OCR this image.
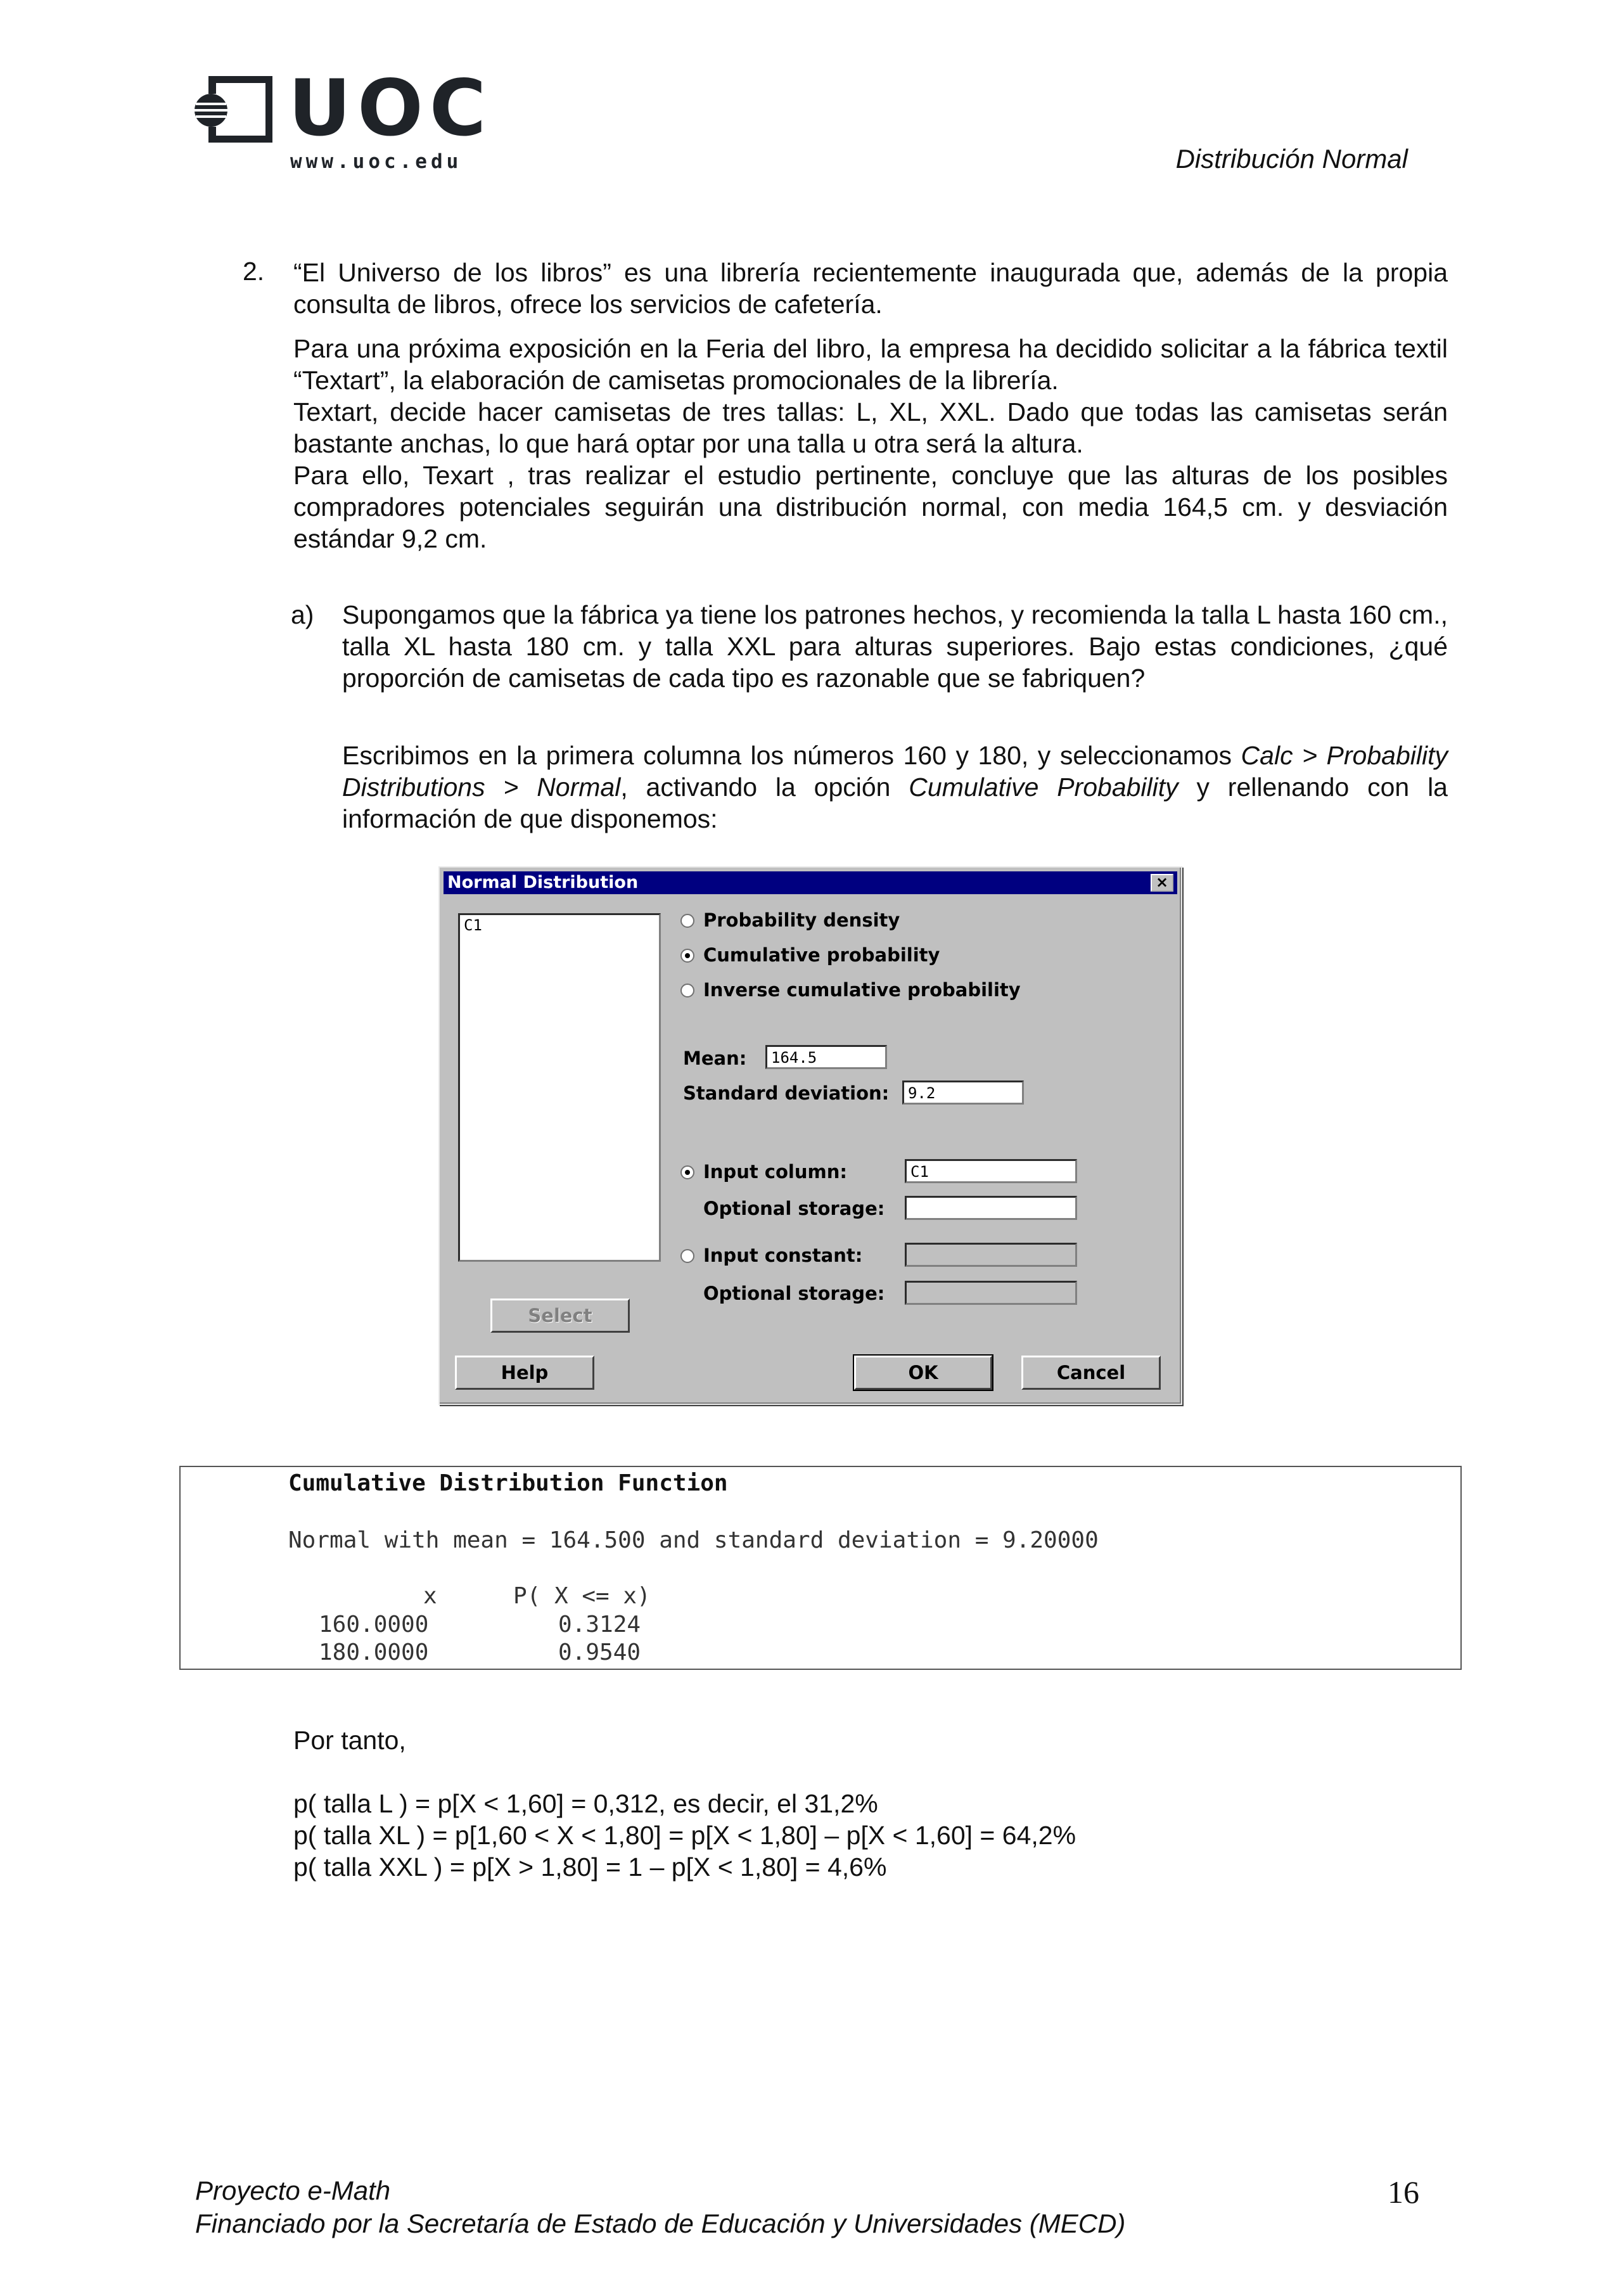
UOC
www.uoc.edu	Distribución Normal
2. “El Universo de los libros” es una librería recientemente inaugurada que, además de la propia consulta de libros, ofrece los servicios de cafetería.
Para una próxima exposición en la Feria del libro, la empresa ha decidido solicitar a la fábrica textil “Textart”, la elaboración de camisetas promocionales de la librería.
Textart, decide hacer camisetas de tres tallas: L, XL, XXL. Dado que todas las camisetas serán bastante anchas, lo que hará optar por una talla u otra será la altura.
Para ello, Texart , tras realizar el estudio pertinente, concluye que las alturas de los posibles compradores potenciales seguirán una distribución normal, con media 164,5 cm. y desviación estándar 9,2 cm.
a) Supongamos que la fábrica ya tiene los patrones hechos, y recomienda la talla L hasta 160 cm., talla XL hasta 180 cm. y talla XXL para alturas superiores. Bajo estas condiciones, ¿qué proporción de camisetas de cada tipo es razonable que se fabriquen?
Escribimos en la primera columna los números 160 y 180, y seleccionamos Calc > Probability Distributions > Normal, activando la opción Cumulative Probability y rellenando con la información de que disponemos:
Normal Distribution	×
C1	Probability density
Cumulative probability
Inverse cumulative probability
Mean:	164.5
Standard deviation:	9.2
Input column:	C1
Optional storage:
Input constant:
Optional storage:
Select
Help	OK	Cancel
Cumulative Distribution Function
Normal with mean = 164.500 and standard deviation = 9.20000
x	P( X <= x)
160.0000	0.3124
180.0000	0.9540
Por tanto,
p( talla L ) = p[X < 1,60] = 0,312, es decir, el 31,2%
p( talla XL ) = p[1,60 < X < 1,80] = p[X < 1,80] – p[X < 1,60] = 64,2%
p( talla XXL ) = p[X > 1,80] = 1 – p[X < 1,80] = 4,6%
Proyecto e-Math
Financiado por la Secretaría de Estado de Educación y Universidades (MECD)
16
